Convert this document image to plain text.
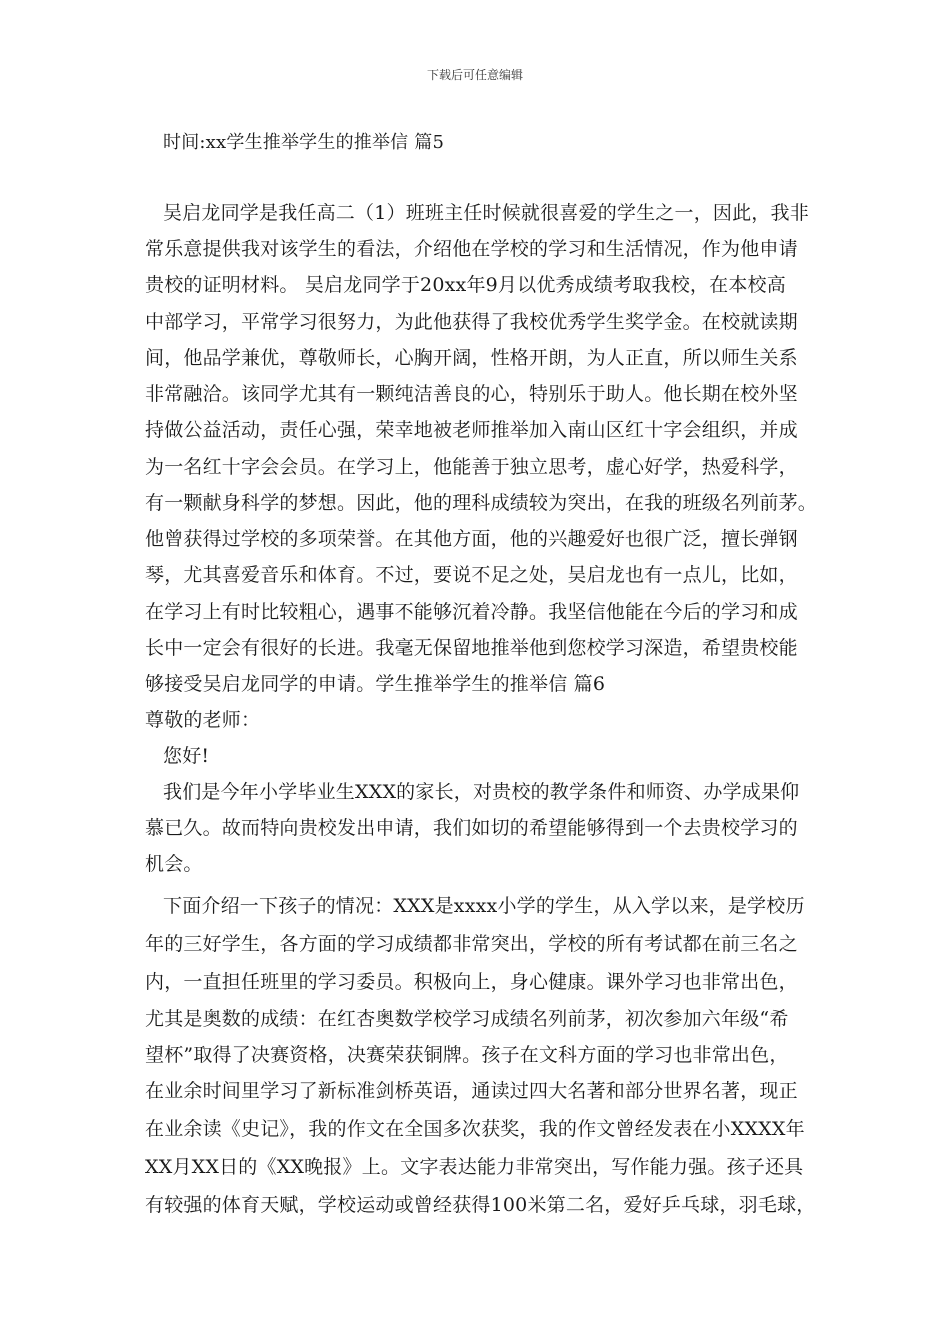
下载后可任意编辑
时间:xx学生推举学生的推举信 篇5
吴启龙同学是我任高二（1）班班主任时候就很喜爱的学生之一，因此，我非
常乐意提供我对该学生的看法，介绍他在学校的学习和生活情况，作为他申请
贵校的证明材料。 吴启龙同学于20xx年9月以优秀成绩考取我校，在本校高
中部学习，平常学习很努力，为此他获得了我校优秀学生奖学金。在校就读期
间，他品学兼优，尊敬师长，心胸开阔，性格开朗，为人正直，所以师生关系
非常融洽。该同学尤其有一颗纯洁善良的心，特别乐于助人。他长期在校外坚
持做公益活动，责任心强，荣幸地被老师推举加入南山区红十字会组织，并成
为一名红十字会会员。在学习上，他能善于独立思考，虚心好学，热爱科学，
有一颗献身科学的梦想。因此，他的理科成绩较为突出，在我的班级名列前茅。
他曾获得过学校的多项荣誉。在其他方面，他的兴趣爱好也很广泛，擅长弹钢
琴，尤其喜爱音乐和体育。不过，要说不足之处，吴启龙也有一点儿，比如，
在学习上有时比较粗心，遇事不能够沉着冷静。我坚信他能在今后的学习和成
长中一定会有很好的长进。我毫无保留地推举他到您校学习深造，希望贵校能
够接受吴启龙同学的申请。学生推举学生的推举信 篇6
尊敬的老师：
您好!
我们是今年小学毕业生XXX的家长，对贵校的教学条件和师资、办学成果仰
慕已久。故而特向贵校发出申请，我们如切的希望能够得到一个去贵校学习的
机会。
下面介绍一下孩子的情况：XXX是xxxx小学的学生，从入学以来，是学校历
年的三好学生，各方面的学习成绩都非常突出，学校的所有考试都在前三名之
内，一直担任班里的学习委员。积极向上，身心健康。课外学习也非常出色，
尤其是奥数的成绩：在红杏奥数学校学习成绩名列前茅，初次参加六年级“希
望杯”取得了决赛资格，决赛荣获铜牌。孩子在文科方面的学习也非常出色，
在业余时间里学习了新标准剑桥英语，通读过四大名著和部分世界名著，现正
在业余读《史记》，我的作文在全国多次获奖，我的作文曾经发表在小XXXX年
XX月XX日的《XX晚报》上。文字表达能力非常突出，写作能力强。孩子还具
有较强的体育天赋，学校运动或曾经获得100米第二名，爱好乒乓球，羽毛球，
